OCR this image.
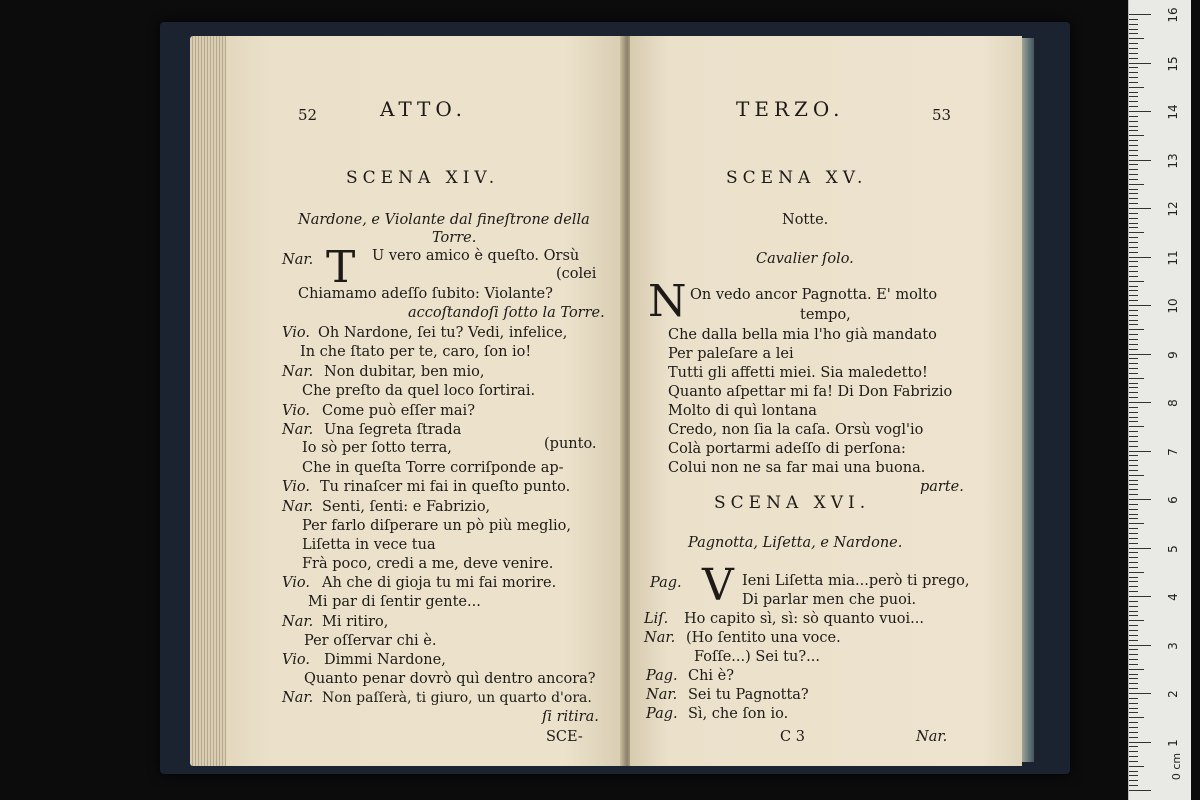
52	ATTO.
SCENA XIV.
Nardone, e Violante dal fineſtrone della
Torre.
T
Nar.	U vero amico è queſto. Orsù
(colei
Chiamamo adeſſo ſubito: Violante?
accoſtandoſi ſotto la Torre.
Vio. Oh Nardone, ſei tu? Vedi, infelice,
In che ſtato per te, caro, ſon io!
Nar. Non dubitar, ben mio,
Che preſto da quel loco ſortirai.
Vio. Come può eſſer mai?
Nar. Una ſegreta ſtrada
Io sò per ſotto terra,	(punto.
Che in queſta Torre corriſponde ap-
Vio. Tu rinaſcer mi fai in queſto punto.
Nar. Senti, ſenti: e Fabrizio,
Per farlo diſperare un pò più meglio,
Liſetta in vece tua
Frà poco, credi a me, deve venire.
Vio. Ah che di gioja tu mi fai morire.
Mi par di ſentir gente...
Nar. Mi ritiro,
Per oſſervar chi è.
Vio. Dimmi Nardone,
Quanto penar dovrò quì dentro ancora?
Nar. Non paſſerà, ti giuro, un quarto d'ora.
ſi ritira.
SCE-
TERZO.	53
SCENA XV.
Notte.
Cavalier ſolo.
N On vedo ancor Pagnotta. E' molto
tempo,
Che dalla bella mia l'ho già mandato
Per paleſare a lei
Tutti gli affetti miei. Sia maledetto!
Quanto aſpettar mi fa! Di Don Fabrizio
Molto di quì lontana
Credo, non ſia la caſa. Orsù vogl'io
Colà portarmi adeſſo di perſona:
Colui non ne sa far mai una buona.
parte.
SCENA XVI.
Pagnotta, Liſetta, e Nardone.
V
Pag.	Ieni Liſetta mia...però ti prego,
Di parlar men che puoi.
Liſ. Ho capito sì, sì: sò quanto vuoi...
Nar. (Ho ſentito una voce.
Foſſe...) Sei tu?...
Pag. Chi è?
Nar. Sei tu Pagnotta?
Pag. Sì, che ſon io.
C 3	Nar.
16
15
14
13
12
11
10
9
8
7
6
5
4
3
2
1
0 cm
